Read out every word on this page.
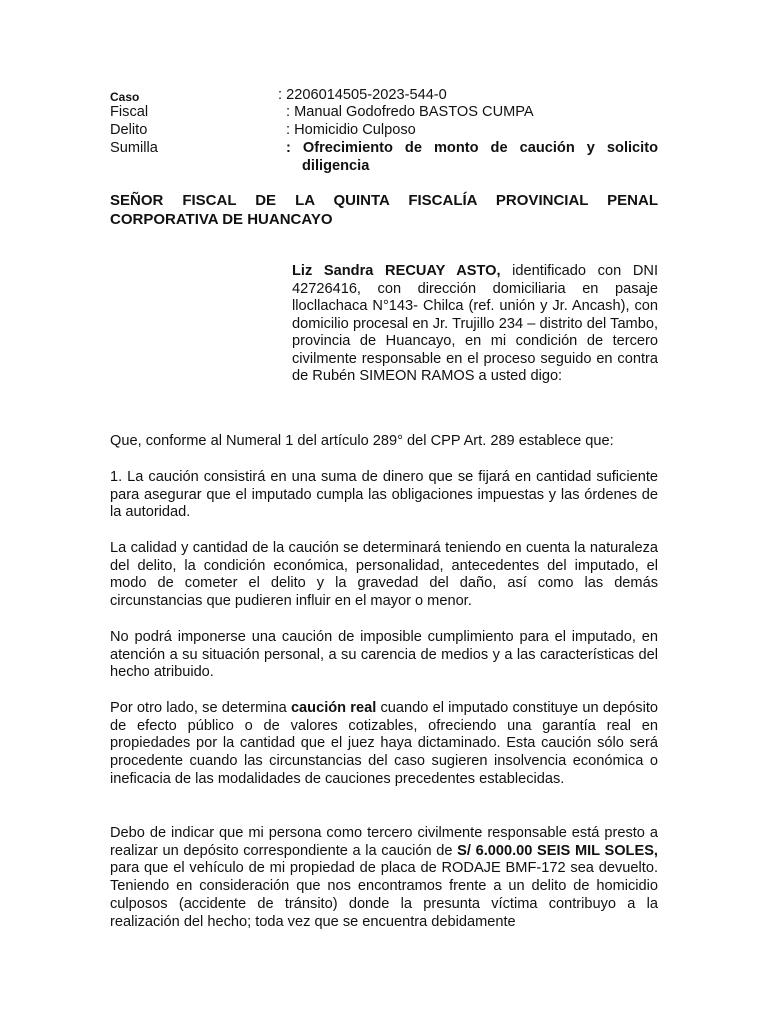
Caso	: 2206014505-2023-544-0
Fiscal	: Manual Godofredo BASTOS CUMPA
Delito	: Homicidio Culposo
Sumilla	: Ofrecimiento de monto de caución y solicito
diligencia
SEÑOR FISCAL DE LA QUINTA FISCALÍA PROVINCIAL PENAL
CORPORATIVA DE HUANCAYO
Liz Sandra RECUAY ASTO, identificado con DNI 42726416, con dirección domiciliaria en pasaje llocllachaca N°143- Chilca (ref. unión y Jr. Ancash), con domicilio procesal en Jr. Trujillo 234 – distrito del Tambo, provincia de Huancayo, en mi condición de tercero civilmente responsable en el proceso seguido en contra de Rubén SIMEON RAMOS a usted digo:
Que, conforme al Numeral 1 del artículo 289° del CPP Art. 289 establece que:
1. La caución consistirá en una suma de dinero que se fijará en cantidad suficiente para asegurar que el imputado cumpla las obligaciones impuestas y las órdenes de la autoridad.
La calidad y cantidad de la caución se determinará teniendo en cuenta la naturaleza del delito, la condición económica, personalidad, antecedentes del imputado, el modo de cometer el delito y la gravedad del daño, así como las demás circunstancias que pudieren influir en el mayor o menor.
No podrá imponerse una caución de imposible cumplimiento para el imputado, en atención a su situación personal, a su carencia de medios y a las características del hecho atribuido.
Por otro lado, se determina caución real cuando el imputado constituye un depósito de efecto público o de valores cotizables, ofreciendo una garantía real en propiedades por la cantidad que el juez haya dictaminado. Esta caución sólo será procedente cuando las circunstancias del caso sugieren insolvencia económica o ineficacia de las modalidades de cauciones precedentes establecidas.
Debo de indicar que mi persona como tercero civilmente responsable está presto a realizar un depósito correspondiente a la caución de S/ 6.000.00 SEIS MIL SOLES, para que el vehículo de mi propiedad de placa de RODAJE BMF-172 sea devuelto. Teniendo en consideración que nos encontramos frente a un delito de homicidio culposos (accidente de tránsito) donde la presunta víctima contribuyo a la realización del hecho; toda vez que se encuentra debidamente
